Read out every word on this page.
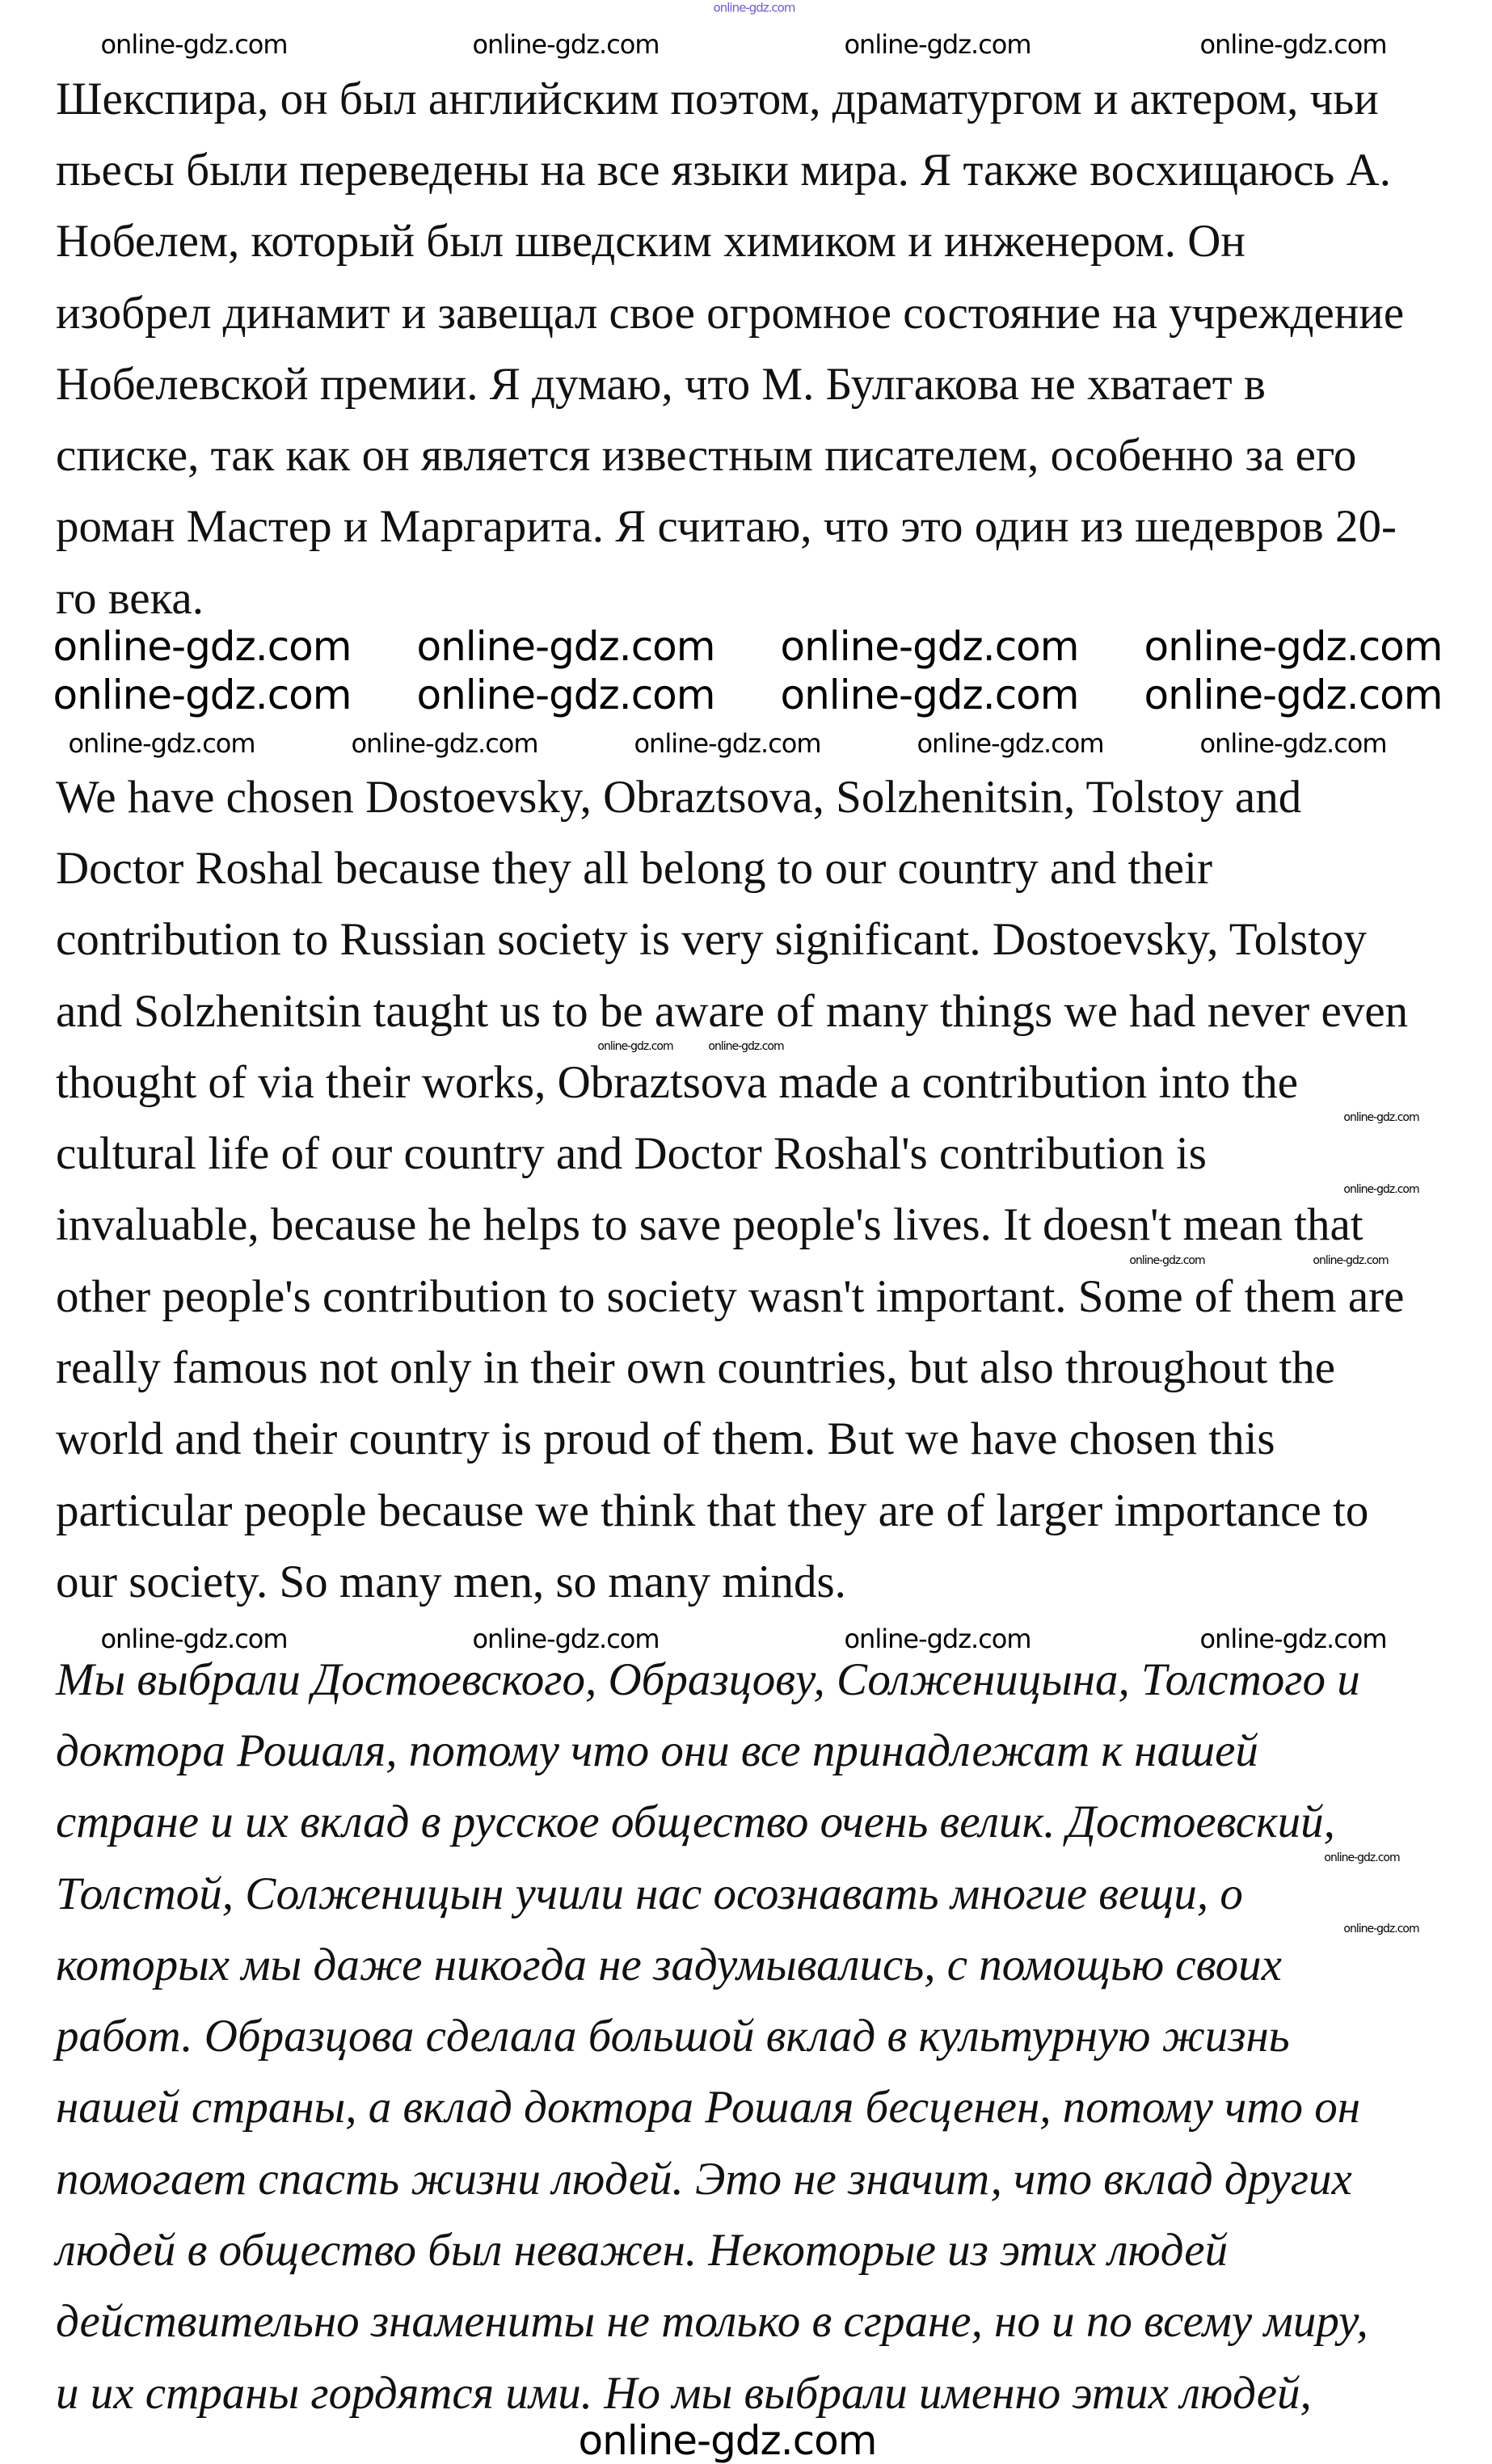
Шекспира, он был английским поэтом, драматургом и актером, чьи
пьесы были переведены на все языки мира. Я также восхищаюсь А.
Нобелем, который был шведским химиком и инженером. Он
изобрел динамит и завещал свое огромное состояние на учреждение
Нобелевской премии. Я думаю, что М. Булгакова не хватает в
списке, так как он является известным писателем, особенно за его
роман Мастер и Маргарита. Я считаю, что это один из шедевров 20-
го века.
We have chosen Dostoevsky, Obraztsova, Solzhenitsin, Tolstoy and
Doctor Roshal because they all belong to our country and their
contribution to Russian society is very significant. Dostoevsky, Tolstoy
and Solzhenitsin taught us to be aware of many things we had never even
thought of via their works, Obraztsova made a contribution into the
cultural life of our country and Doctor Roshal's contribution is
invaluable, because he helps to save people's lives. It doesn't mean that
other people's contribution to society wasn't important. Some of them are
really famous not only in their own countries, but also throughout the
world and their country is proud of them. But we have chosen this
particular people because we think that they are of larger importance to
our society. So many men, so many minds.
Мы выбрали Достоевского, Образцову, Солженицына, Толстого и
доктора Рошаля, потому что они все принадлежат к нашей
стране и их вклад в русское общество очень велик. Достоевский,
Толстой, Солженицын учили нас осознавать многие вещи, о
которых мы даже никогда не задумывались, с помощью своих
работ. Образцова сделала большой вклад в культурную жизнь
нашей страны, а вклад доктора Рошаля бесценен, потому что он
помогает спасть жизни людей. Это не значит, что вклад других
людей в общество был неважен. Некоторые из этих людей
действительно знамениты не только в сгране, но и по всему миру,
и их страны гордятся ими. Но мы выбрали именно этих людей,
online-gdz.com
online-gdz.com	online-gdz.com	online-gdz.com	online-gdz.com
online-gdz.com online-gdz.com online-gdz.com online-gdz.com
online-gdz.com online-gdz.com online-gdz.com online-gdz.com
online-gdz.com	online-gdz.com	online-gdz.com	online-gdz.com	online-gdz.com
online-gdz.com	online-gdz.com
online-gdz.com
online-gdz.com
online-gdz.com	online-gdz.com
online-gdz.com	online-gdz.com	online-gdz.com	online-gdz.com
online-gdz.com
online-gdz.com
online-gdz.com
